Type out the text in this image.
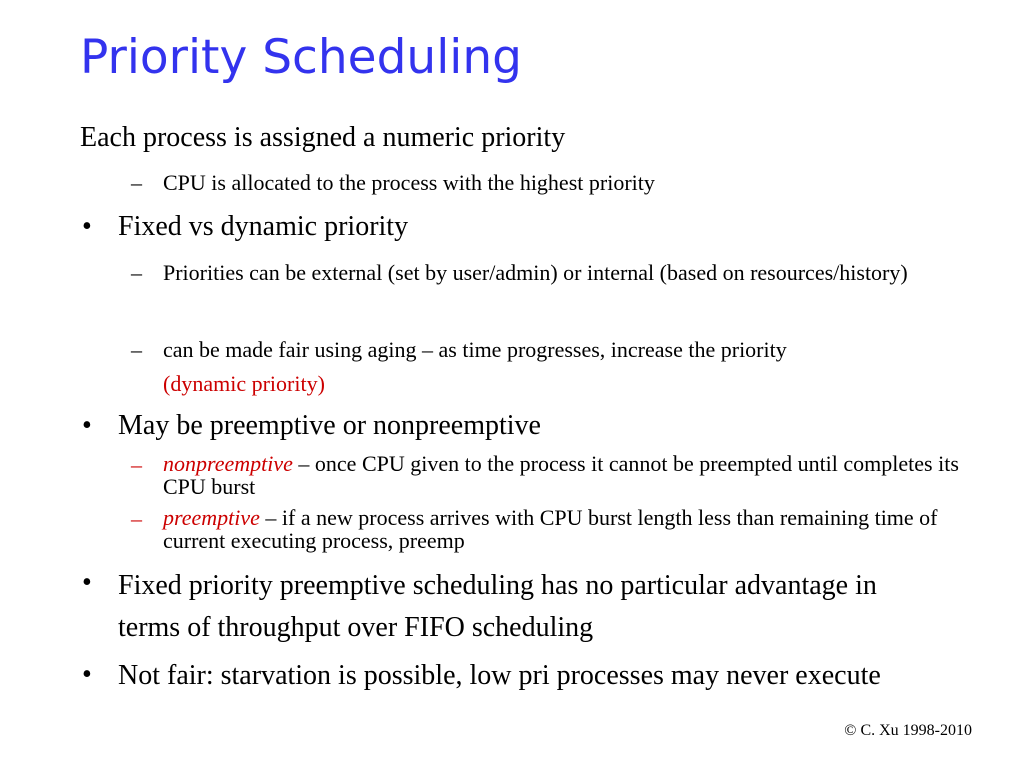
Priority Scheduling

Each process is assigned a numeric priority

– CPU is allocated to the process with the highest priority

• Fixed vs dynamic priority

– Priorities can be external (set by user/admin) or internal (based on resources/history)

– can be made fair using aging – as time progresses, increase the priority
(dynamic priority)
• May be preemptive or nonpreemptive

– nonpreemptive – once CPU given to the process it cannot be preempted until completes its CPU burst

– preemptive – if a new process arrives with CPU burst length less than remaining time of current executing process, preemp

• Fixed priority preemptive scheduling has no particular advantage in terms of throughput over FIFO scheduling

• Not fair: starvation is possible, low pri processes may never execute

© C. Xu 1998-2010
